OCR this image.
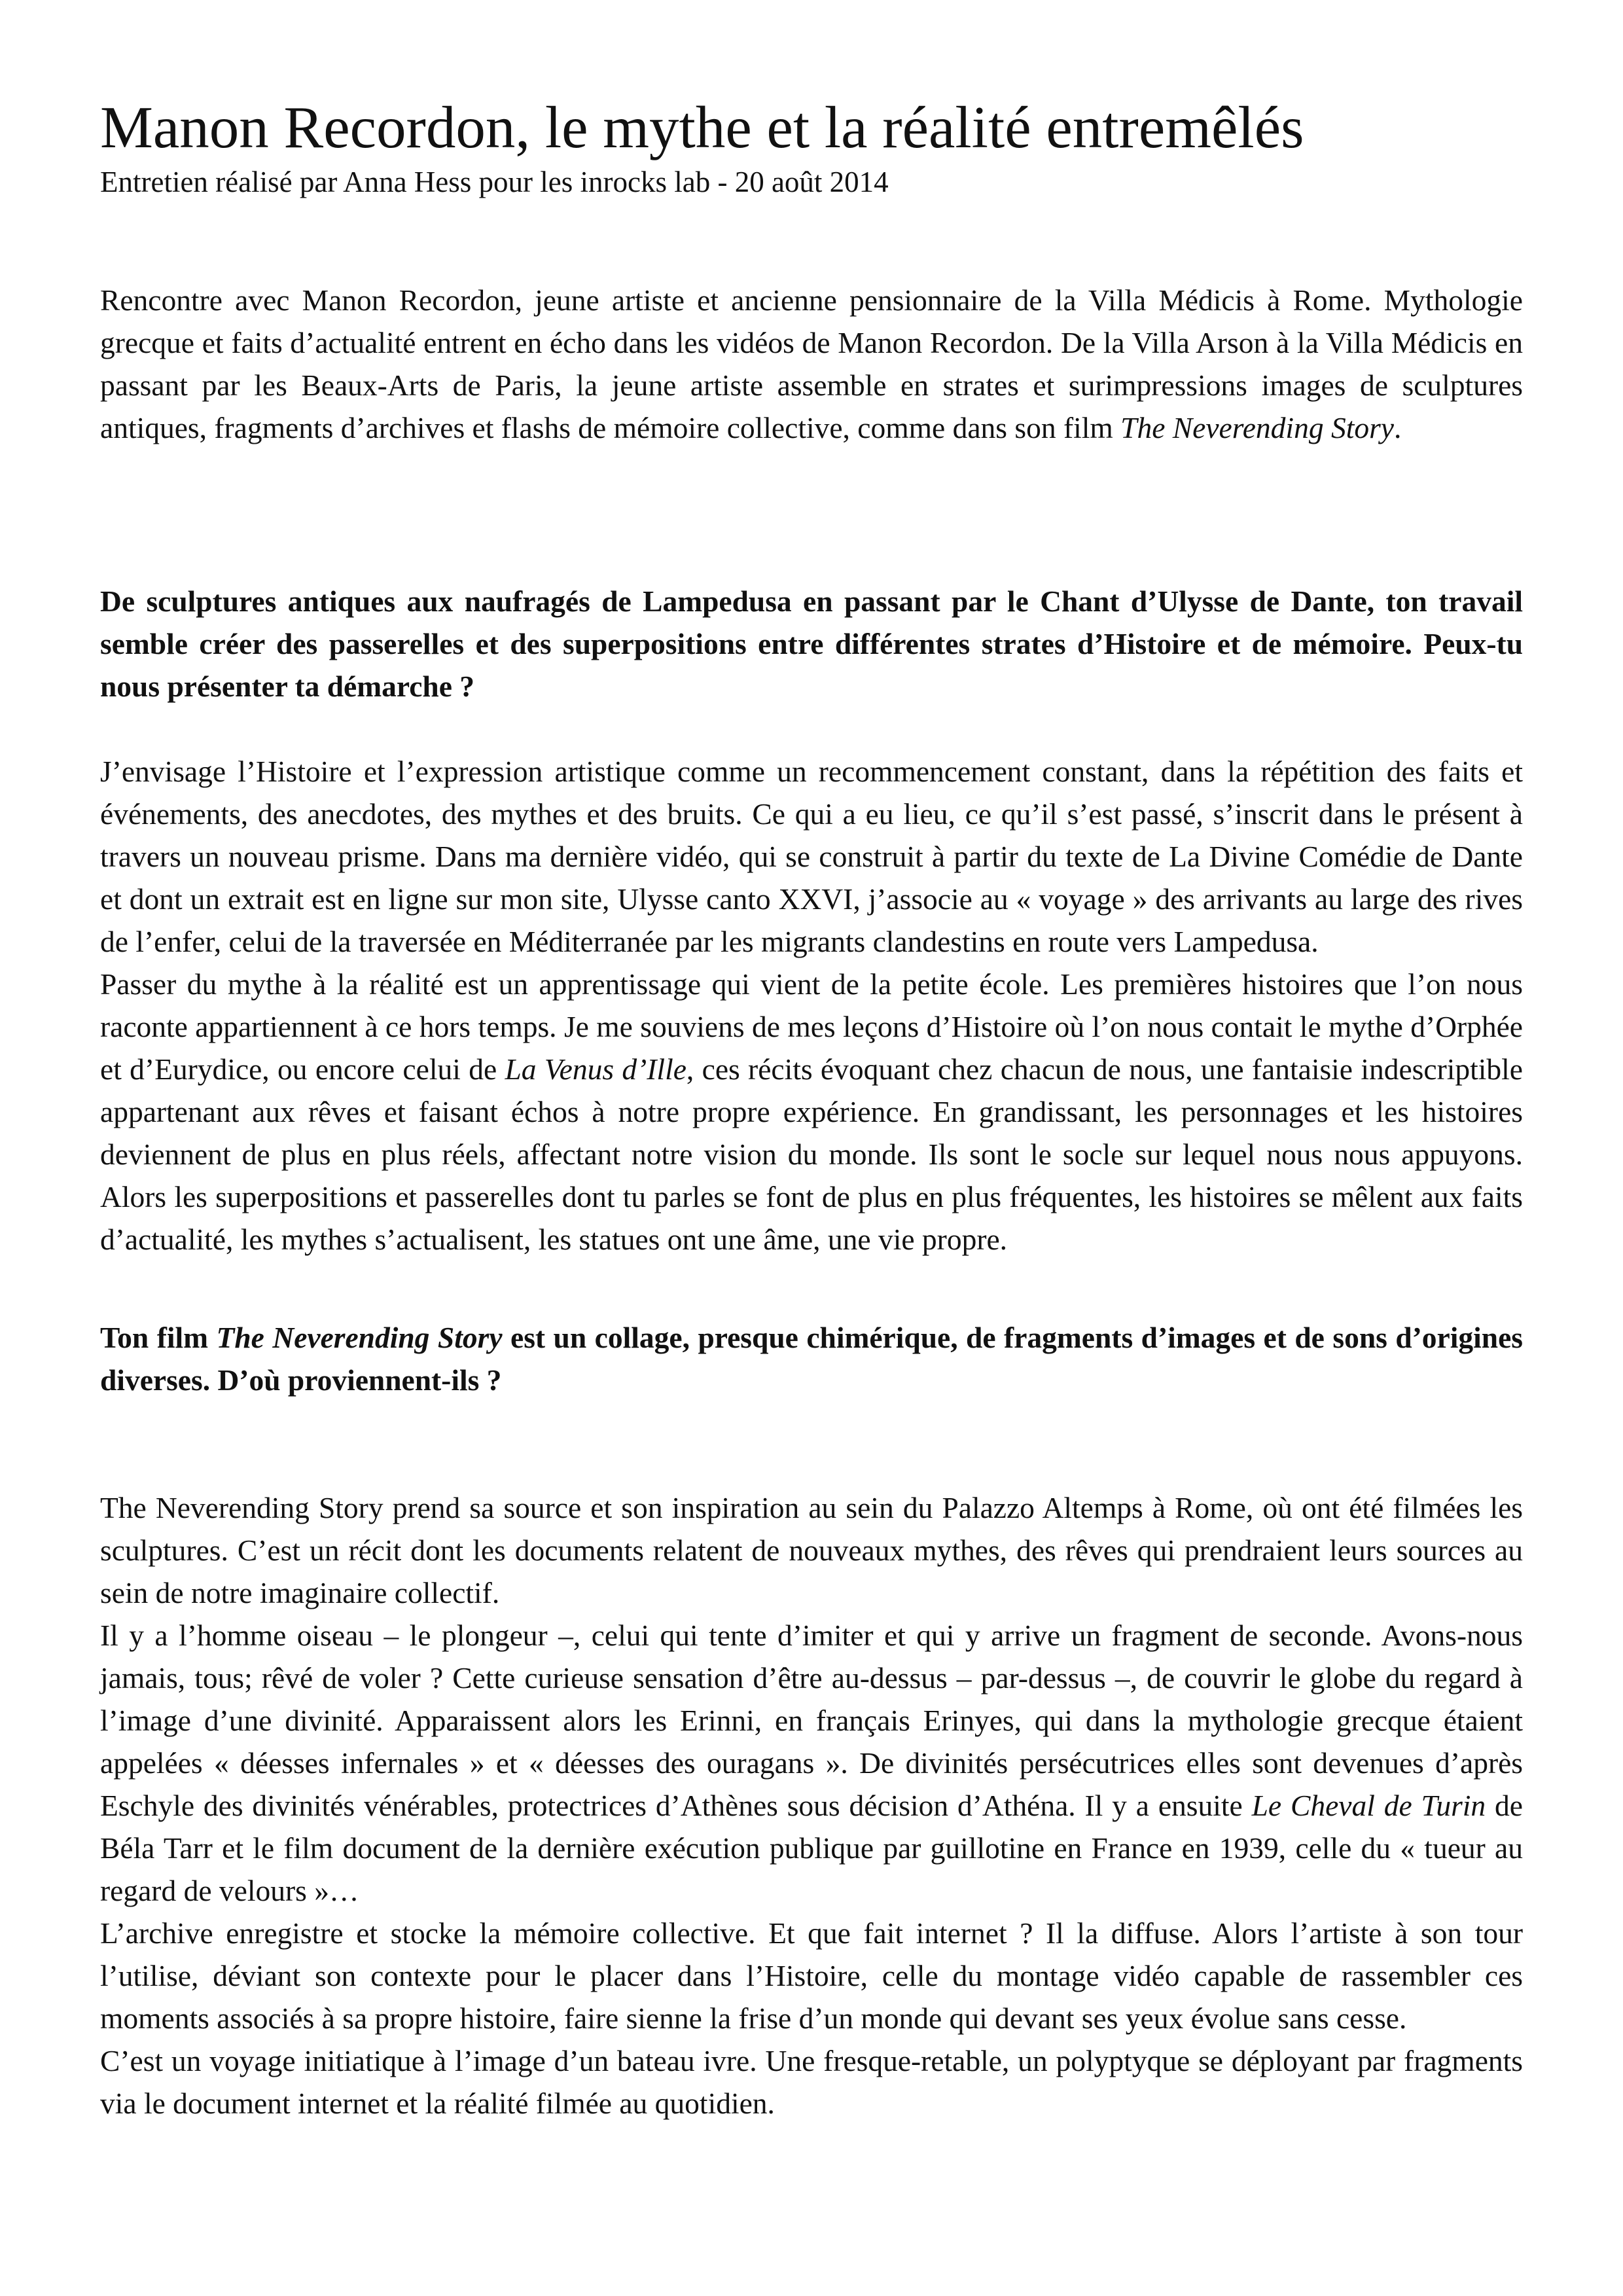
Manon Recordon, le mythe et la réalité entremêlés

Entretien réalisé par Anna Hess pour les inrocks lab - 20 août 2014

Rencontre avec Manon Recordon, jeune artiste et ancienne pensionnaire de la Villa Médicis à Rome. Mythologie grecque et faits d’actualité entrent en écho dans les vidéos de Manon Recordon. De la Villa Arson à la Villa Médicis en passant par les Beaux-Arts de Paris, la jeune artiste assemble en strates et surimpressions images de sculptures antiques, fragments d’archives et flashs de mémoire collective, comme dans son film The Neverending Story.

De sculptures antiques aux naufragés de Lampedusa en passant par le Chant d’Ulysse de Dante, ton travail semble créer des passerelles et des superpositions entre différentes strates d’Histoire et de mémoire. Peux-tu nous présenter ta démarche ?

J’envisage l’Histoire et l’expression artistique comme un recommencement constant, dans la répétition des faits et événements, des anecdotes, des mythes et des bruits. Ce qui a eu lieu, ce qu’il s’est passé, s’inscrit dans le présent à travers un nouveau prisme. Dans ma dernière vidéo, qui se construit à partir du texte de La Divine Comédie de Dante et dont un extrait est en ligne sur mon site, Ulysse canto XXVI, j’associe au « voyage » des arrivants au large des rives de l’enfer, celui de la traversée en Méditerranée par les migrants clandestins en route vers Lampedusa.

Passer du mythe à la réalité est un apprentissage qui vient de la petite école. Les premières histoires que l’on nous raconte appartiennent à ce hors temps. Je me souviens de mes leçons d’Histoire où l’on nous contait le mythe d’Orphée et d’Eurydice, ou encore celui de La Venus d’Ille, ces récits évoquant chez chacun de nous, une fantaisie indescriptible appartenant aux rêves et faisant échos à notre propre expérience. En grandissant, les personnages et les histoires deviennent de plus en plus réels, affectant notre vision du monde. Ils sont le socle sur lequel nous nous appuyons. Alors les superpositions et passerelles dont tu parles se font de plus en plus fréquentes, les histoires se mêlent aux faits d’actualité, les mythes s’actualisent, les statues ont une âme, une vie propre.

Ton film The Neverending Story est un collage, presque chimérique, de fragments d’images et de sons d’origines diverses. D’où proviennent-ils ?

The Neverending Story prend sa source et son inspiration au sein du Palazzo Altemps à Rome, où ont été filmées les sculptures. C’est un récit dont les documents relatent de nouveaux mythes, des rêves qui prendraient leurs sources au sein de notre imaginaire collectif.

Il y a l’homme oiseau – le plongeur –, celui qui tente d’imiter et qui y arrive un fragment de seconde. Avons-nous jamais, tous; rêvé de voler ? Cette curieuse sensation d’être au-dessus – par-dessus –, de couvrir le globe du regard à l’image d’une divinité. Apparaissent alors les Erinni, en français Erinyes, qui dans la mythologie grecque étaient appelées « déesses infernales » et « déesses des ouragans ». De divinités persécutrices elles sont devenues d’après Eschyle des divinités vénérables, protectrices d’Athènes sous décision d’Athéna. Il y a ensuite Le Cheval de Turin de Béla Tarr et le film document de la dernière exécution publique par guillotine en France en 1939, celle du « tueur au regard de velours »…

L’archive enregistre et stocke la mémoire collective. Et que fait internet ? Il la diffuse. Alors l’artiste à son tour l’utilise, déviant son contexte pour le placer dans l’Histoire, celle du montage vidéo capable de rassembler ces moments associés à sa propre histoire, faire sienne la frise d’un monde qui devant ses yeux évolue sans cesse.

C’est un voyage initiatique à l’image d’un bateau ivre. Une fresque-retable, un polyptyque se déployant par fragments via le document internet et la réalité filmée au quotidien.
